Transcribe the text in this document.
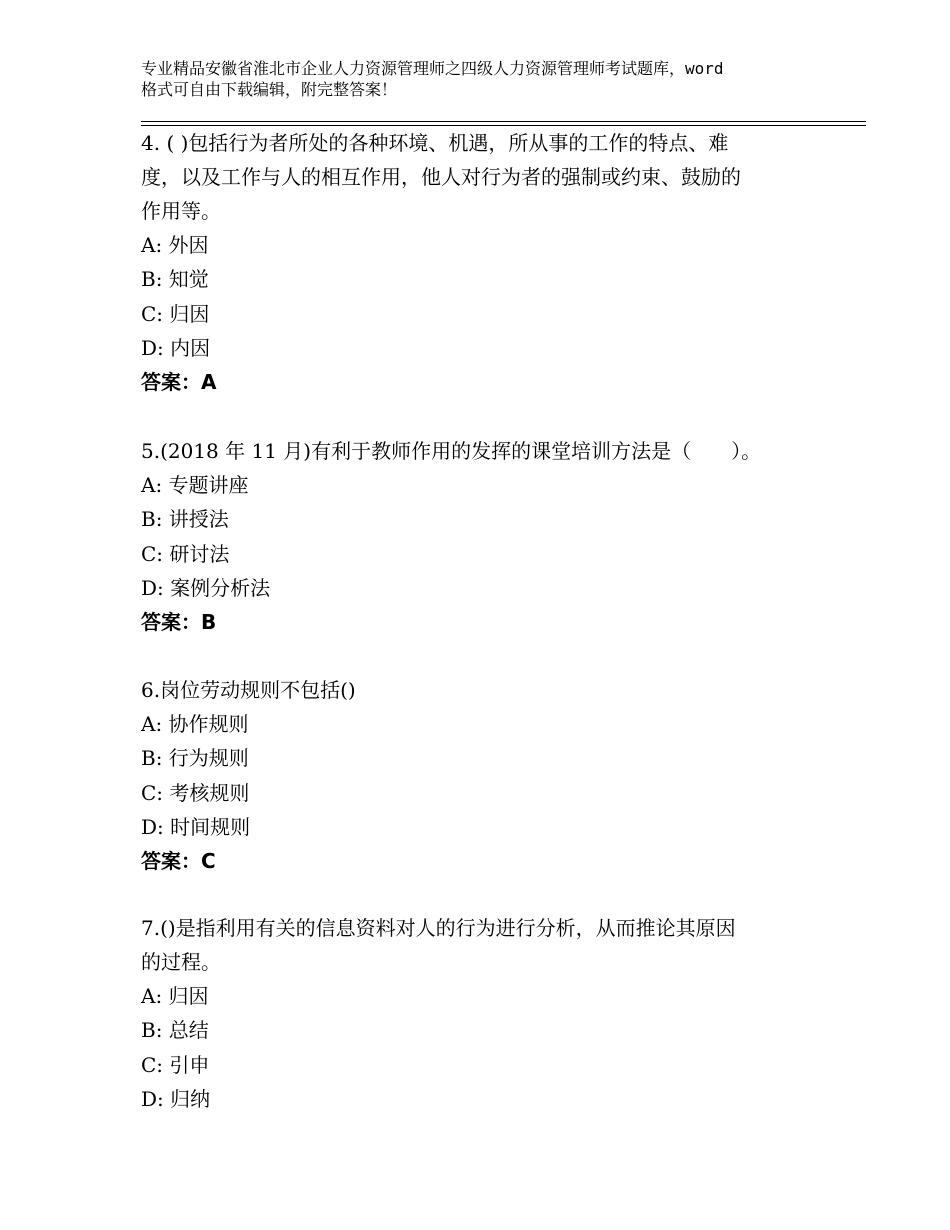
专业精品安徽省淮北市企业人力资源管理师之四级人力资源管理师考试题库，word
格式可自由下载编辑，附完整答案！
4. ( )包括行为者所处的各种环境、机遇，所从事的工作的特点、难
度，以及工作与人的相互作用，他人对行为者的强制或约束、鼓励的
作用等。
A: 外因
B: 知觉
C: 归因
D: 内因
答案：A
5.(2018 年 11 月)有利于教师作用的发挥的课堂培训方法是（　　）。
A: 专题讲座
B: 讲授法
C: 研讨法
D: 案例分析法
答案：B
6.岗位劳动规则不包括()
A: 协作规则
B: 行为规则
C: 考核规则
D: 时间规则
答案：C
7.()是指利用有关的信息资料对人的行为进行分析，从而推论其原因
的过程。
A: 归因
B: 总结
C: 引申
D: 归纳
